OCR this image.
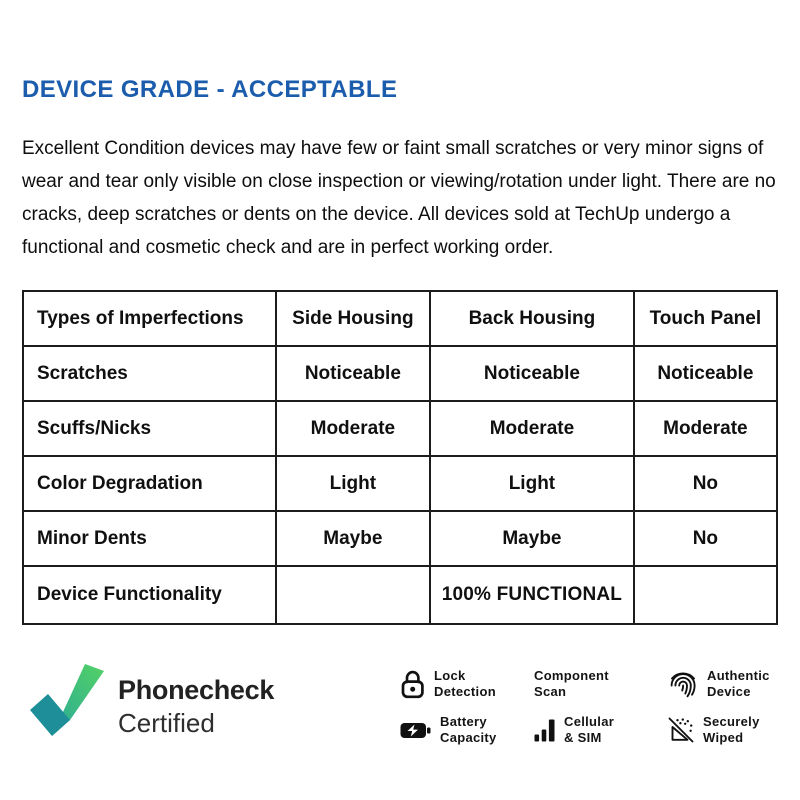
DEVICE GRADE - ACCEPTABLE

Excellent Condition devices may have few or faint small scratches or very minor signs of wear and tear only visible on close inspection or viewing/rotation under light. There are no cracks, deep scratches or dents on the device. All devices sold at TechUp undergo a functional and cosmetic check and are in perfect working order.

Types of Imperfections	Side Housing	Back Housing	Touch Panel
Scratches	Noticeable	Noticeable	Noticeable
Scuffs/Nicks	Moderate	Moderate	Moderate
Color Degradation	Light	Light	No
Minor Dents	Maybe	Maybe	No
Device Functionality		100% FUNCTIONAL	
Phonecheck
Certified
Lock
Detection
Component
Scan
Authentic
Device
Battery
Capacity
Cellular
& SIM
Securely
Wiped
